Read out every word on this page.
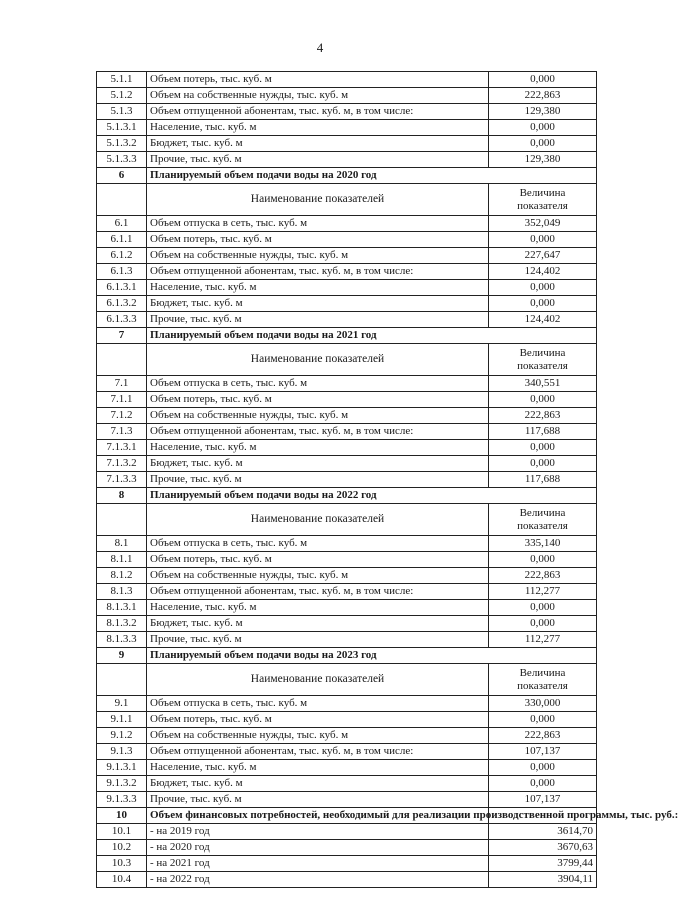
4
5.1.1	Объем потерь, тыс. куб. м	0,000
5.1.2	Объем на собственные нужды, тыс. куб. м	222,863
5.1.3	Объем отпущенной абонентам, тыс. куб. м, в том числе:	129,380
5.1.3.1	Население, тыс. куб. м	0,000
5.1.3.2	Бюджет, тыс. куб. м	0,000
5.1.3.3	Прочие, тыс. куб. м	129,380
6	Планируемый объем подачи воды на 2020 год	
	Наименование показателей	Величина
показателя

6.1	Объем отпуска в сеть, тыс. куб. м	352,049
6.1.1	Объем потерь, тыс. куб. м	0,000
6.1.2	Объем на собственные нужды, тыс. куб. м	227,647
6.1.3	Объем отпущенной абонентам, тыс. куб. м, в том числе:	124,402
6.1.3.1	Население, тыс. куб. м	0,000
6.1.3.2	Бюджет, тыс. куб. м	0,000
6.1.3.3	Прочие, тыс. куб. м	124,402
7	Планируемый объем подачи воды на 2021 год	
	Наименование показателей	Величина
показателя

7.1	Объем отпуска в сеть, тыс. куб. м	340,551
7.1.1	Объем потерь, тыс. куб. м	0,000
7.1.2	Объем на собственные нужды, тыс. куб. м	222,863
7.1.3	Объем отпущенной абонентам, тыс. куб. м, в том числе:	117,688
7.1.3.1	Население, тыс. куб. м	0,000
7.1.3.2	Бюджет, тыс. куб. м	0,000
7.1.3.3	Прочие, тыс. куб. м	117,688
8	Планируемый объем подачи воды на 2022 год	
	Наименование показателей	Величина
показателя

8.1	Объем отпуска в сеть, тыс. куб. м	335,140
8.1.1	Объем потерь, тыс. куб. м	0,000
8.1.2	Объем на собственные нужды, тыс. куб. м	222,863
8.1.3	Объем отпущенной абонентам, тыс. куб. м, в том числе:	112,277
8.1.3.1	Население, тыс. куб. м	0,000
8.1.3.2	Бюджет, тыс. куб. м	0,000
8.1.3.3	Прочие, тыс. куб. м	112,277
9	Планируемый объем подачи воды на 2023 год	
	Наименование показателей	Величина
показателя

9.1	Объем отпуска в сеть, тыс. куб. м	330,000
9.1.1	Объем потерь, тыс. куб. м	0,000
9.1.2	Объем на собственные нужды, тыс. куб. м	222,863
9.1.3	Объем отпущенной абонентам, тыс. куб. м, в том числе:	107,137
9.1.3.1	Население, тыс. куб. м	0,000
9.1.3.2	Бюджет, тыс. куб. м	0,000
9.1.3.3	Прочие, тыс. куб. м	107,137
10	Объем финансовых потребностей, необходимый для реализации производственной программы, тыс. руб.:	
10.1	- на 2019 год	3614,70
10.2	- на 2020 год	3670,63
10.3	- на 2021 год	3799,44
10.4	- на 2022 год	3904,11
